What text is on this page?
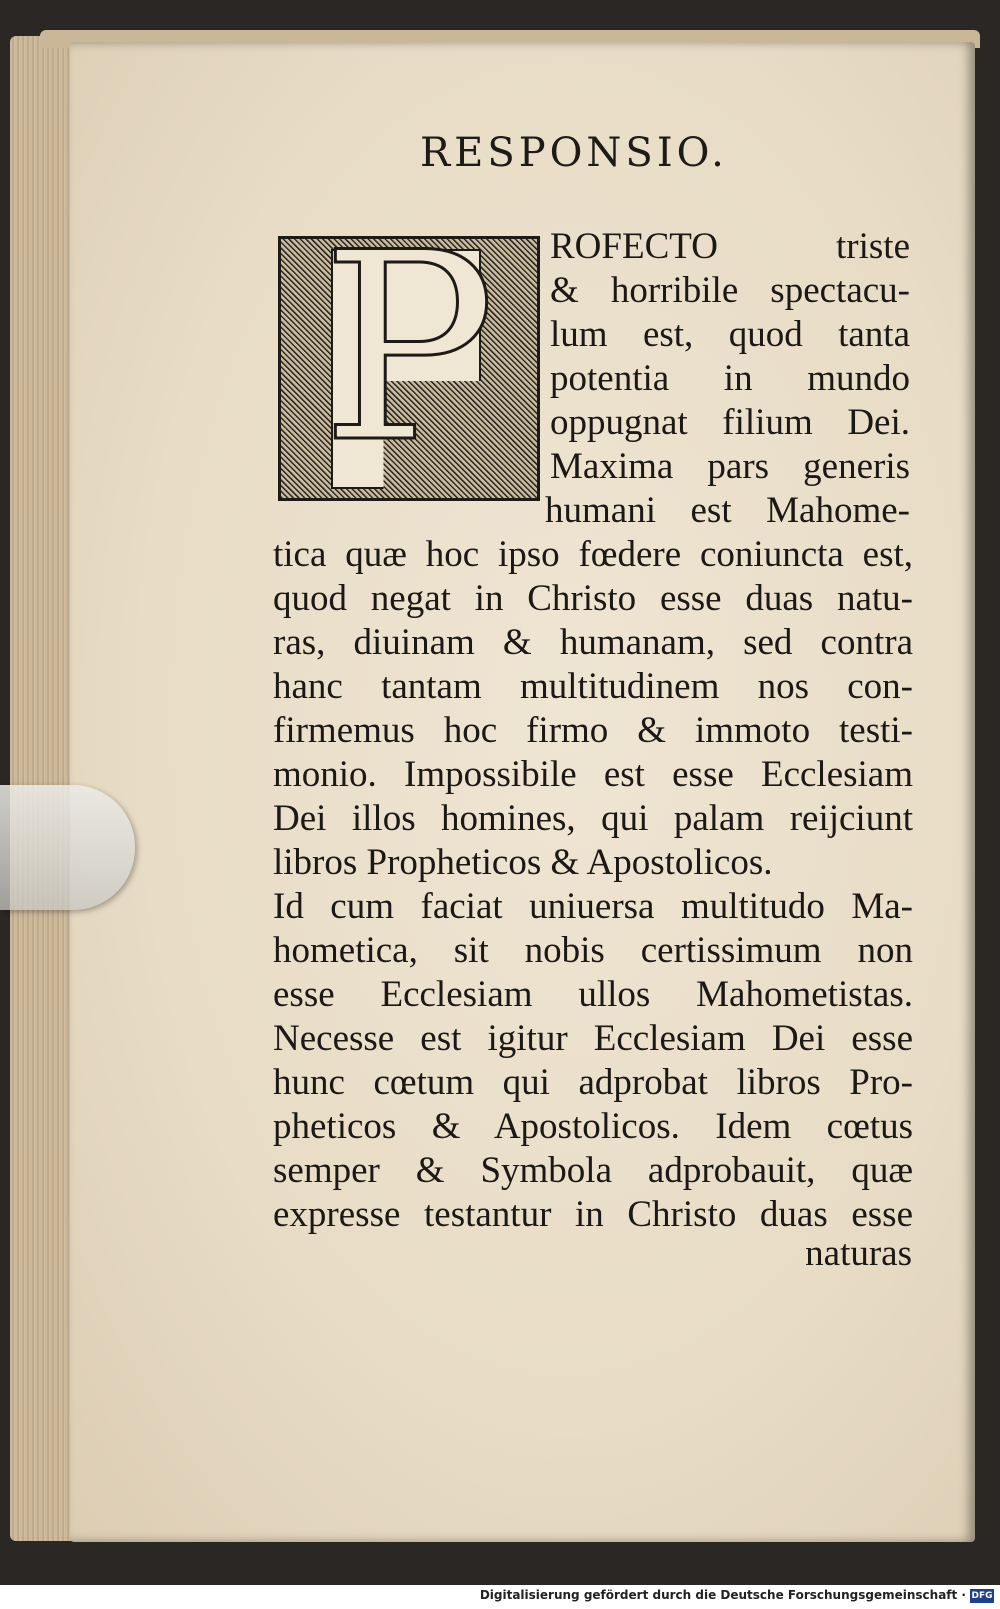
RESPONSIO.
P ROFECTO triste

& horribile spectacu-

lum est, quod tanta

potentia in mundo

oppugnat filium Dei.

Maxima pars generis

humani est Mahome-

tica quæ hoc ipso fœdere coniuncta est,

quod negat in Christo esse duas natu-

ras, diuinam & humanam, sed contra

hanc tantam multitudinem nos con-

firmemus hoc firmo & immoto testi-

monio. Impossibile est esse Ecclesiam

Dei illos homines, qui palam reijciunt

libros Propheticos & Apostolicos.

Id cum faciat uniuersa multitudo Ma-

hometica, sit nobis certissimum non

esse Ecclesiam ullos Mahometistas.

Necesse est igitur Ecclesiam Dei esse

hunc cœtum qui adprobat libros Pro-

pheticos & Apostolicos. Idem cœtus

semper & Symbola adprobauit, quæ

expresse testantur in Christo duas esse

naturas

Digitalisierung gefördert durch die Deutsche Forschungsgemeinschaft · DFG
